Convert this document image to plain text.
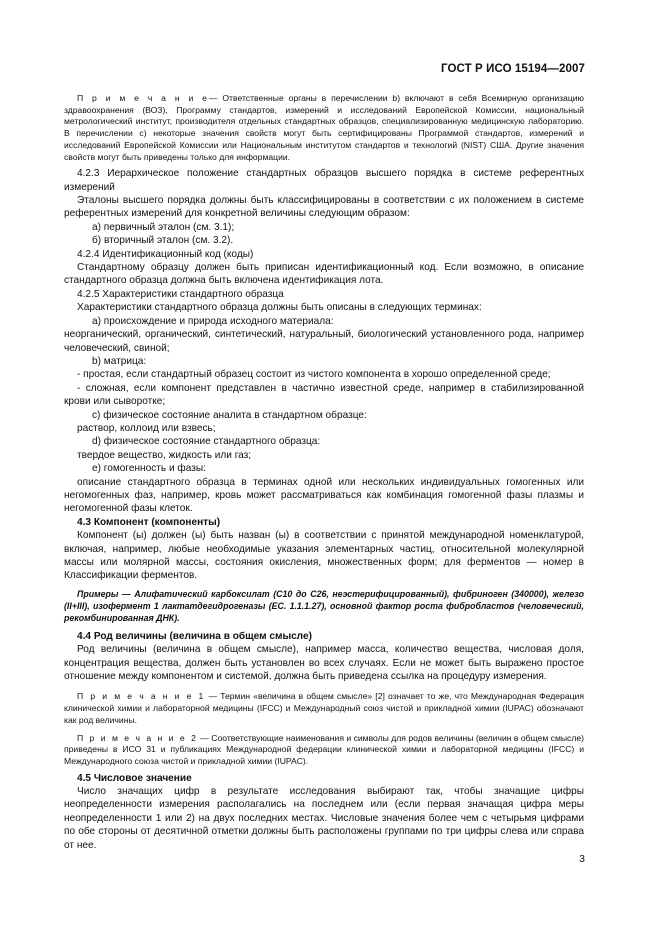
ГОСТ Р ИСО 15194—2007

П р и м е ч а н и е— Ответственные органы в перечислении b) включают в себя Всемирную организацию здравоохранения (ВОЗ), Программу стандартов, измерений и исследований Европейской Комиссии, национальный метрологический институт, производителя отдельных стандартных образцов, специализированную медицинскую лабораторию. В перечислении c) некоторые значения свойств могут быть сертифицированы Программой стандартов, измерений и исследований Европейской Комиссии или Национальным институтом стандартов и технологий (NIST) США. Другие значения свойств могут быть приведены только для информации.

4.2.3 Иерархическое положение стандартных образцов высшего порядка в системе референтных измерений

Эталоны высшего порядка должны быть классифицированы в соответствии с их положением в системе референтных измерений для конкретной величины следующим образом:

а) первичный эталон (см. 3.1);

б) вторичный эталон (см. 3.2).

4.2.4 Идентификационный код (коды)

Стандартному образцу должен быть приписан идентификационный код. Если возможно, в описание стандартного образца должна быть включена идентификация лота.

4.2.5 Характеристики стандартного образца

Характеристики стандартного образца должны быть описаны в следующих терминах:

а) происхождение и природа исходного материала:

неорганический, органический, синтетический, натуральный, биологический установленного рода, например человеческий, свиной;

b) матрица:

- простая, если стандартный образец состоит из чистого компонента в хорошо определенной среде;

- сложная, если компонент представлен в частично известной среде, например в стабилизированной крови или сыворотке;

c) физическое состояние аналита в стандартном образце:

раствор, коллоид или взвесь;

d) физическое состояние стандартного образца:

твердое вещество, жидкость или газ;

е) гомогенность и фазы:

описание стандартного образца в терминах одной или нескольких индивидуальных гомогенных или негомогенных фаз, например, кровь может рассматриваться как комбинация гомогенной фазы плазмы и негомогенной фазы клеток.

4.3 Компонент (компоненты)

Компонент (ы) должен (ы) быть назван (ы) в соответствии с принятой международной номенклатурой, включая, например, любые необходимые указания элементарных частиц, относительной молекулярной массы или молярной массы, состояния окисления, множественных форм; для ферментов — номер в Классификации ферментов.

Примеры — Алифатический карбоксилат (C10 до C26, неэстерифицированный), фибриноген (340000), железо (II+III), изофермент 1 лактатдегидрогеназы (EC. 1.1.1.27), основной фактор роста фибробластов (человеческий, рекомбинированная ДНК).

4.4 Род величины (величина в общем смысле)

Род величины (величина в общем смысле), например масса, количество вещества, числовая доля, концентрация вещества, должен быть установлен во всех случаях. Если не может быть выражено простое отношение между компонентом и системой, должна быть приведена ссылка на процедуру измерения.

П р и м е ч а н и е 1 — Термин «величина в общем смысле» [2] означает то же, что Международная Федерация клинической химии и лабораторной медицины (IFCC) и Международный союз чистой и прикладной химии (IUPAC) обозначают как род величины.

П р и м е ч а н и е 2 — Соответствующие наименования и символы для родов величины (величин в общем смысле) приведены в ИСО 31 и публикациях Международной федерации клинической химии и лабораторной медицины (IFCC) и Международного союза чистой и прикладной химии (IUPAC).

4.5 Числовое значение

Число значащих цифр в результате исследования выбирают так, чтобы значащие цифры неопределенности измерения располагались на последнем или (если первая значащая цифра меры неопределенности 1 или 2) на двух последних местах. Числовые значения более чем с четырьмя цифрами по обе стороны от десятичной отметки должны быть расположены группами по три цифры слева или справа от нее.

3
